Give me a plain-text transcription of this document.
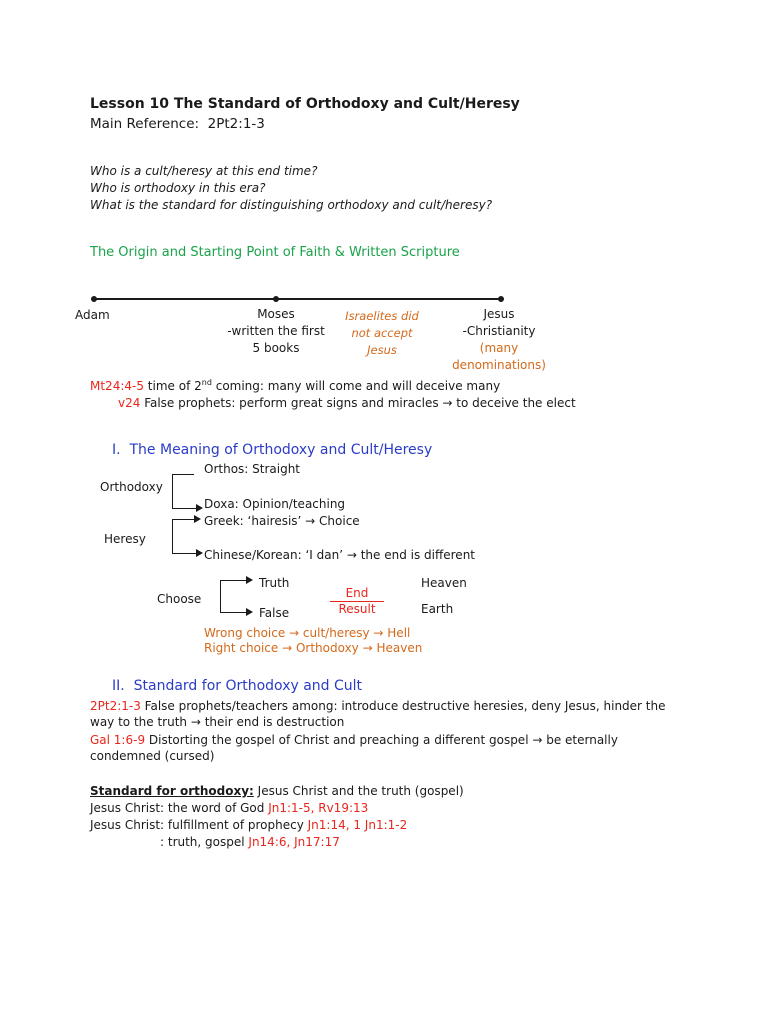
Lesson 10 The Standard of Orthodoxy and Cult/Heresy
Main Reference: 2Pt2:1-3
Who is a cult/heresy at this end time?
Who is orthodoxy in this era?
What is the standard for distinguishing orthodoxy and cult/heresy?
The Origin and Starting Point of Faith & Written Scripture
Adam	Moses
-written the first
5 books
Israelites did
not accept
Jesus
Jesus
-Christianity
(many
denominations)
Mt24:4-5 time of 2nd coming: many will come and will deceive many
v24 False prophets: perform great signs and miracles → to deceive the elect
I. The Meaning of Orthodoxy and Cult/Heresy
Orthodoxy
Orthos: Straight
Doxa: Opinion/teaching
Heresy
Greek: ‘hairesis’ → Choice
Chinese/Korean: ‘I dan’ → the end is different
Choose
Truth
False
End
Result
Heaven
Earth
Wrong choice → cult/heresy → Hell
Right choice → Orthodoxy → Heaven
II. Standard for Orthodoxy and Cult
2Pt2:1-3 False prophets/teachers among: introduce destructive heresies, deny Jesus, hinder the
way to the truth → their end is destruction
Gal 1:6-9 Distorting the gospel of Christ and preaching a different gospel → be eternally
condemned (cursed)
Standard for orthodoxy: Jesus Christ and the truth (gospel)
Jesus Christ: the word of God Jn1:1-5, Rv19:13
Jesus Christ: fulfillment of prophecy Jn1:14, 1 Jn1:1-2
: truth, gospel Jn14:6, Jn17:17
